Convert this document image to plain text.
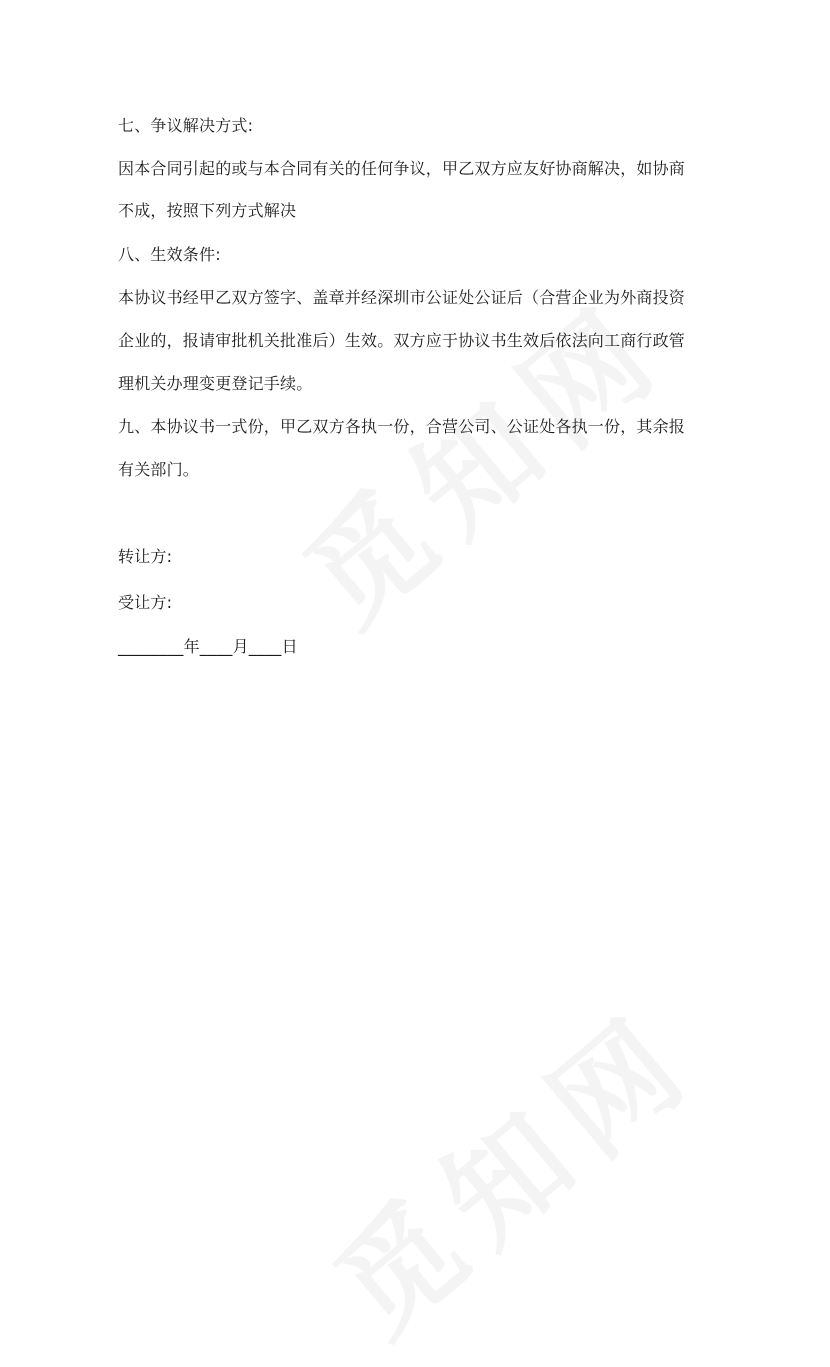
七、争议解决方式:
因本合同引起的或与本合同有关的任何争议，甲乙双方应友好协商解决，如协商
不成，按照下列方式解决
八、生效条件:
本协议书经甲乙双方签字、盖章并经深圳市公证处公证后（合营企业为外商投资
企业的，报请审批机关批准后）生效。双方应于协议书生效后依法向工商行政管
理机关办理变更登记手续。
九、本协议书一式份，甲乙双方各执一份，合营公司、公证处各执一份，其余报
有关部门。
转让方:
受让方:
________年____月____日
